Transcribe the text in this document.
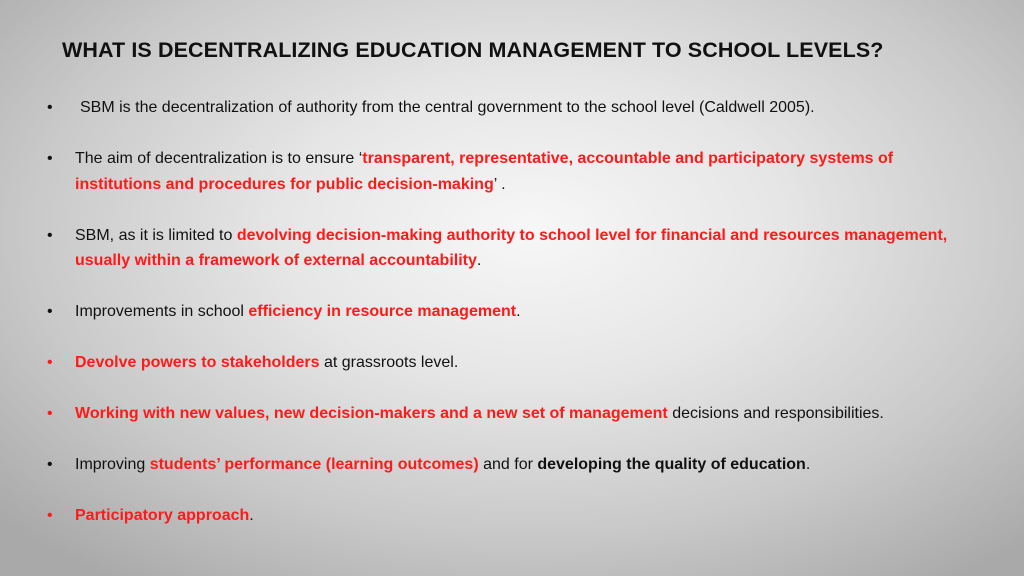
WHAT IS DECENTRALIZING EDUCATION MANAGEMENT TO SCHOOL LEVELS?
• SBM is the decentralization of authority from the central government to the school level (Caldwell 2005).
• The aim of decentralization is to ensure ‘transparent, representative, accountable and participatory systems of institutions and procedures for public decision-making’ .
• SBM, as it is limited to devolving decision-making authority to school level for financial and resources management, usually within a framework of external accountability.
• Improvements in school efficiency in resource management.
• Devolve powers to stakeholders at grassroots level.
• Working with new values, new decision-makers and a new set of management decisions and responsibilities.
• Improving students’ performance (learning outcomes) and for developing the quality of education.
• Participatory approach.
